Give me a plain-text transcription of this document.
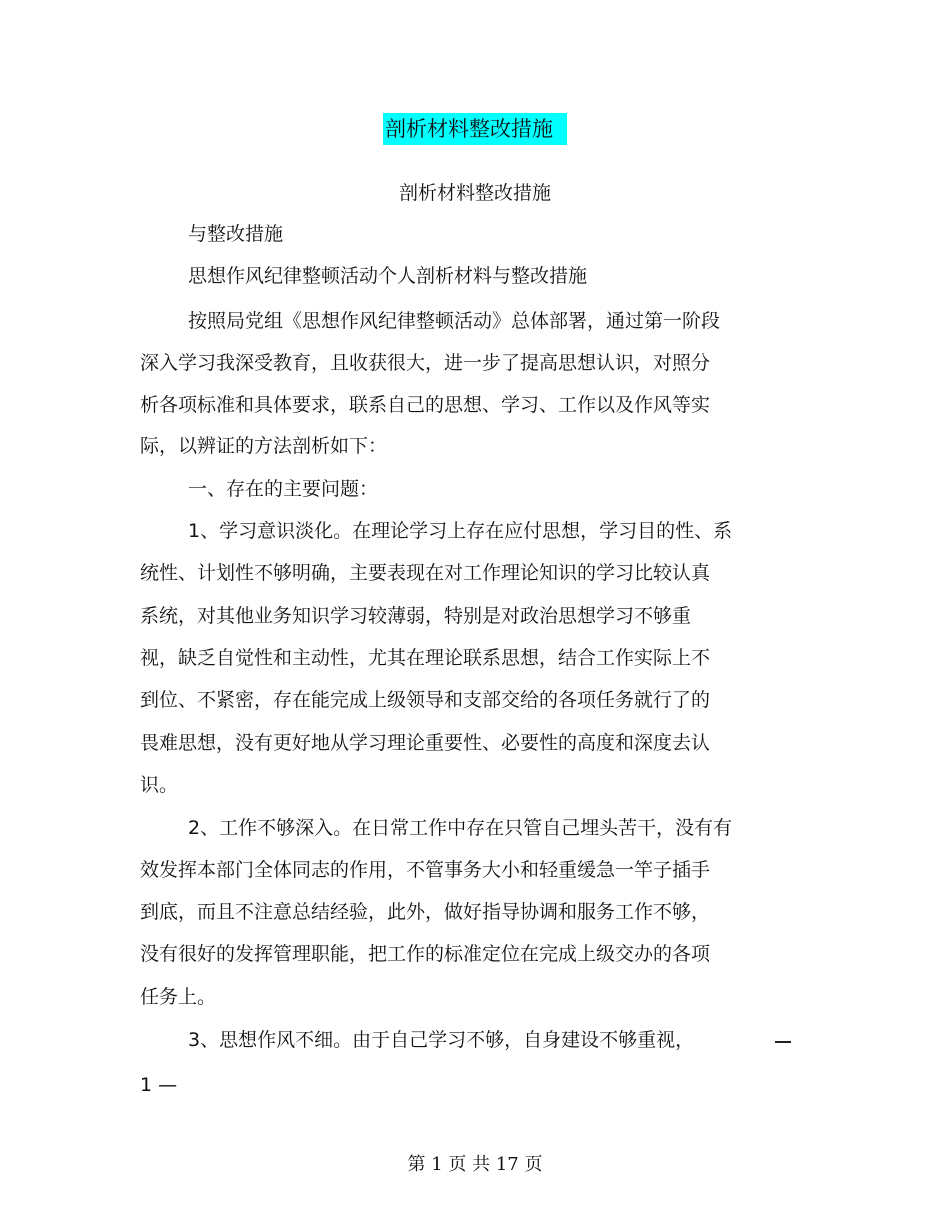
剖析材料整改措施
剖析材料整改措施
与整改措施
思想作风纪律整顿活动个人剖析材料与整改措施
按照局党组《思想作风纪律整顿活动》总体部署，通过第一阶段
深入学习我深受教育，且收获很大，进一步了提高思想认识，对照分
析各项标准和具体要求，联系自己的思想、学习、工作以及作风等实
际，以辨证的方法剖析如下：
一、存在的主要问题：
1、学习意识淡化。在理论学习上存在应付思想，学习目的性、系
统性、计划性不够明确，主要表现在对工作理论知识的学习比较认真
系统，对其他业务知识学习较薄弱，特别是对政治思想学习不够重
视，缺乏自觉性和主动性，尤其在理论联系思想，结合工作实际上不
到位、不紧密，存在能完成上级领导和支部交给的各项任务就行了的
畏难思想，没有更好地从学习理论重要性、必要性的高度和深度去认
识。
2、工作不够深入。在日常工作中存在只管自己埋头苦干，没有有
效发挥本部门全体同志的作用，不管事务大小和轻重缓急一竿子插手
到底，而且不注意总结经验，此外，做好指导协调和服务工作不够，
没有很好的发挥管理职能，把工作的标准定位在完成上级交办的各项
任务上。
3、思想作风不细。由于自己学习不够，自身建设不够重视，
1 —
第 1 页 共 17 页
